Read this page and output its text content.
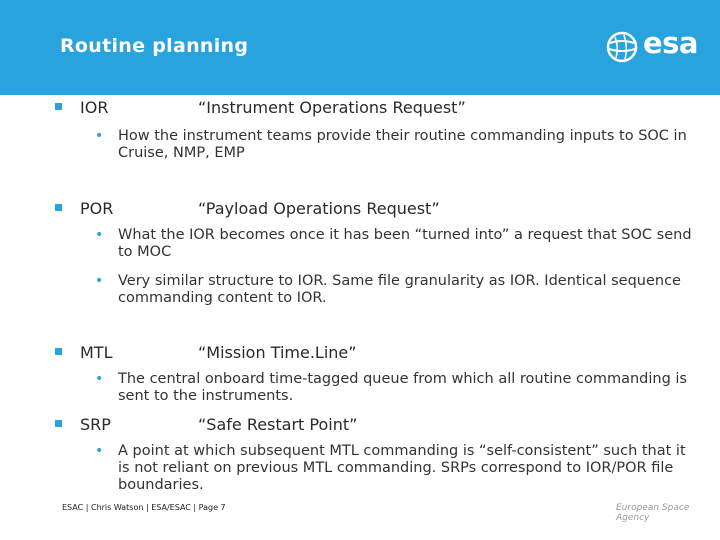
Routine planning	esa
IOR	“Instrument Operations Request”
• How the instrument teams provide their routine commanding inputs to SOC in Cruise, NMP, EMP
POR	“Payload Operations Request”
• What the IOR becomes once it has been “turned into” a request that SOC send to MOC
• Very similar structure to IOR. Same file granularity as IOR. Identical sequence commanding content to IOR.
MTL	“Mission Time.Line”
• The central onboard time-tagged queue from which all routine commanding is sent to the instruments.
SRP	“Safe Restart Point”
• A point at which subsequent MTL commanding is “self-consistent” such that it is not reliant on previous MTL commanding. SRPs correspond to IOR/POR file boundaries.
ESAC | Chris Watson | ESA/ESAC | Page 7	European Space Agency
